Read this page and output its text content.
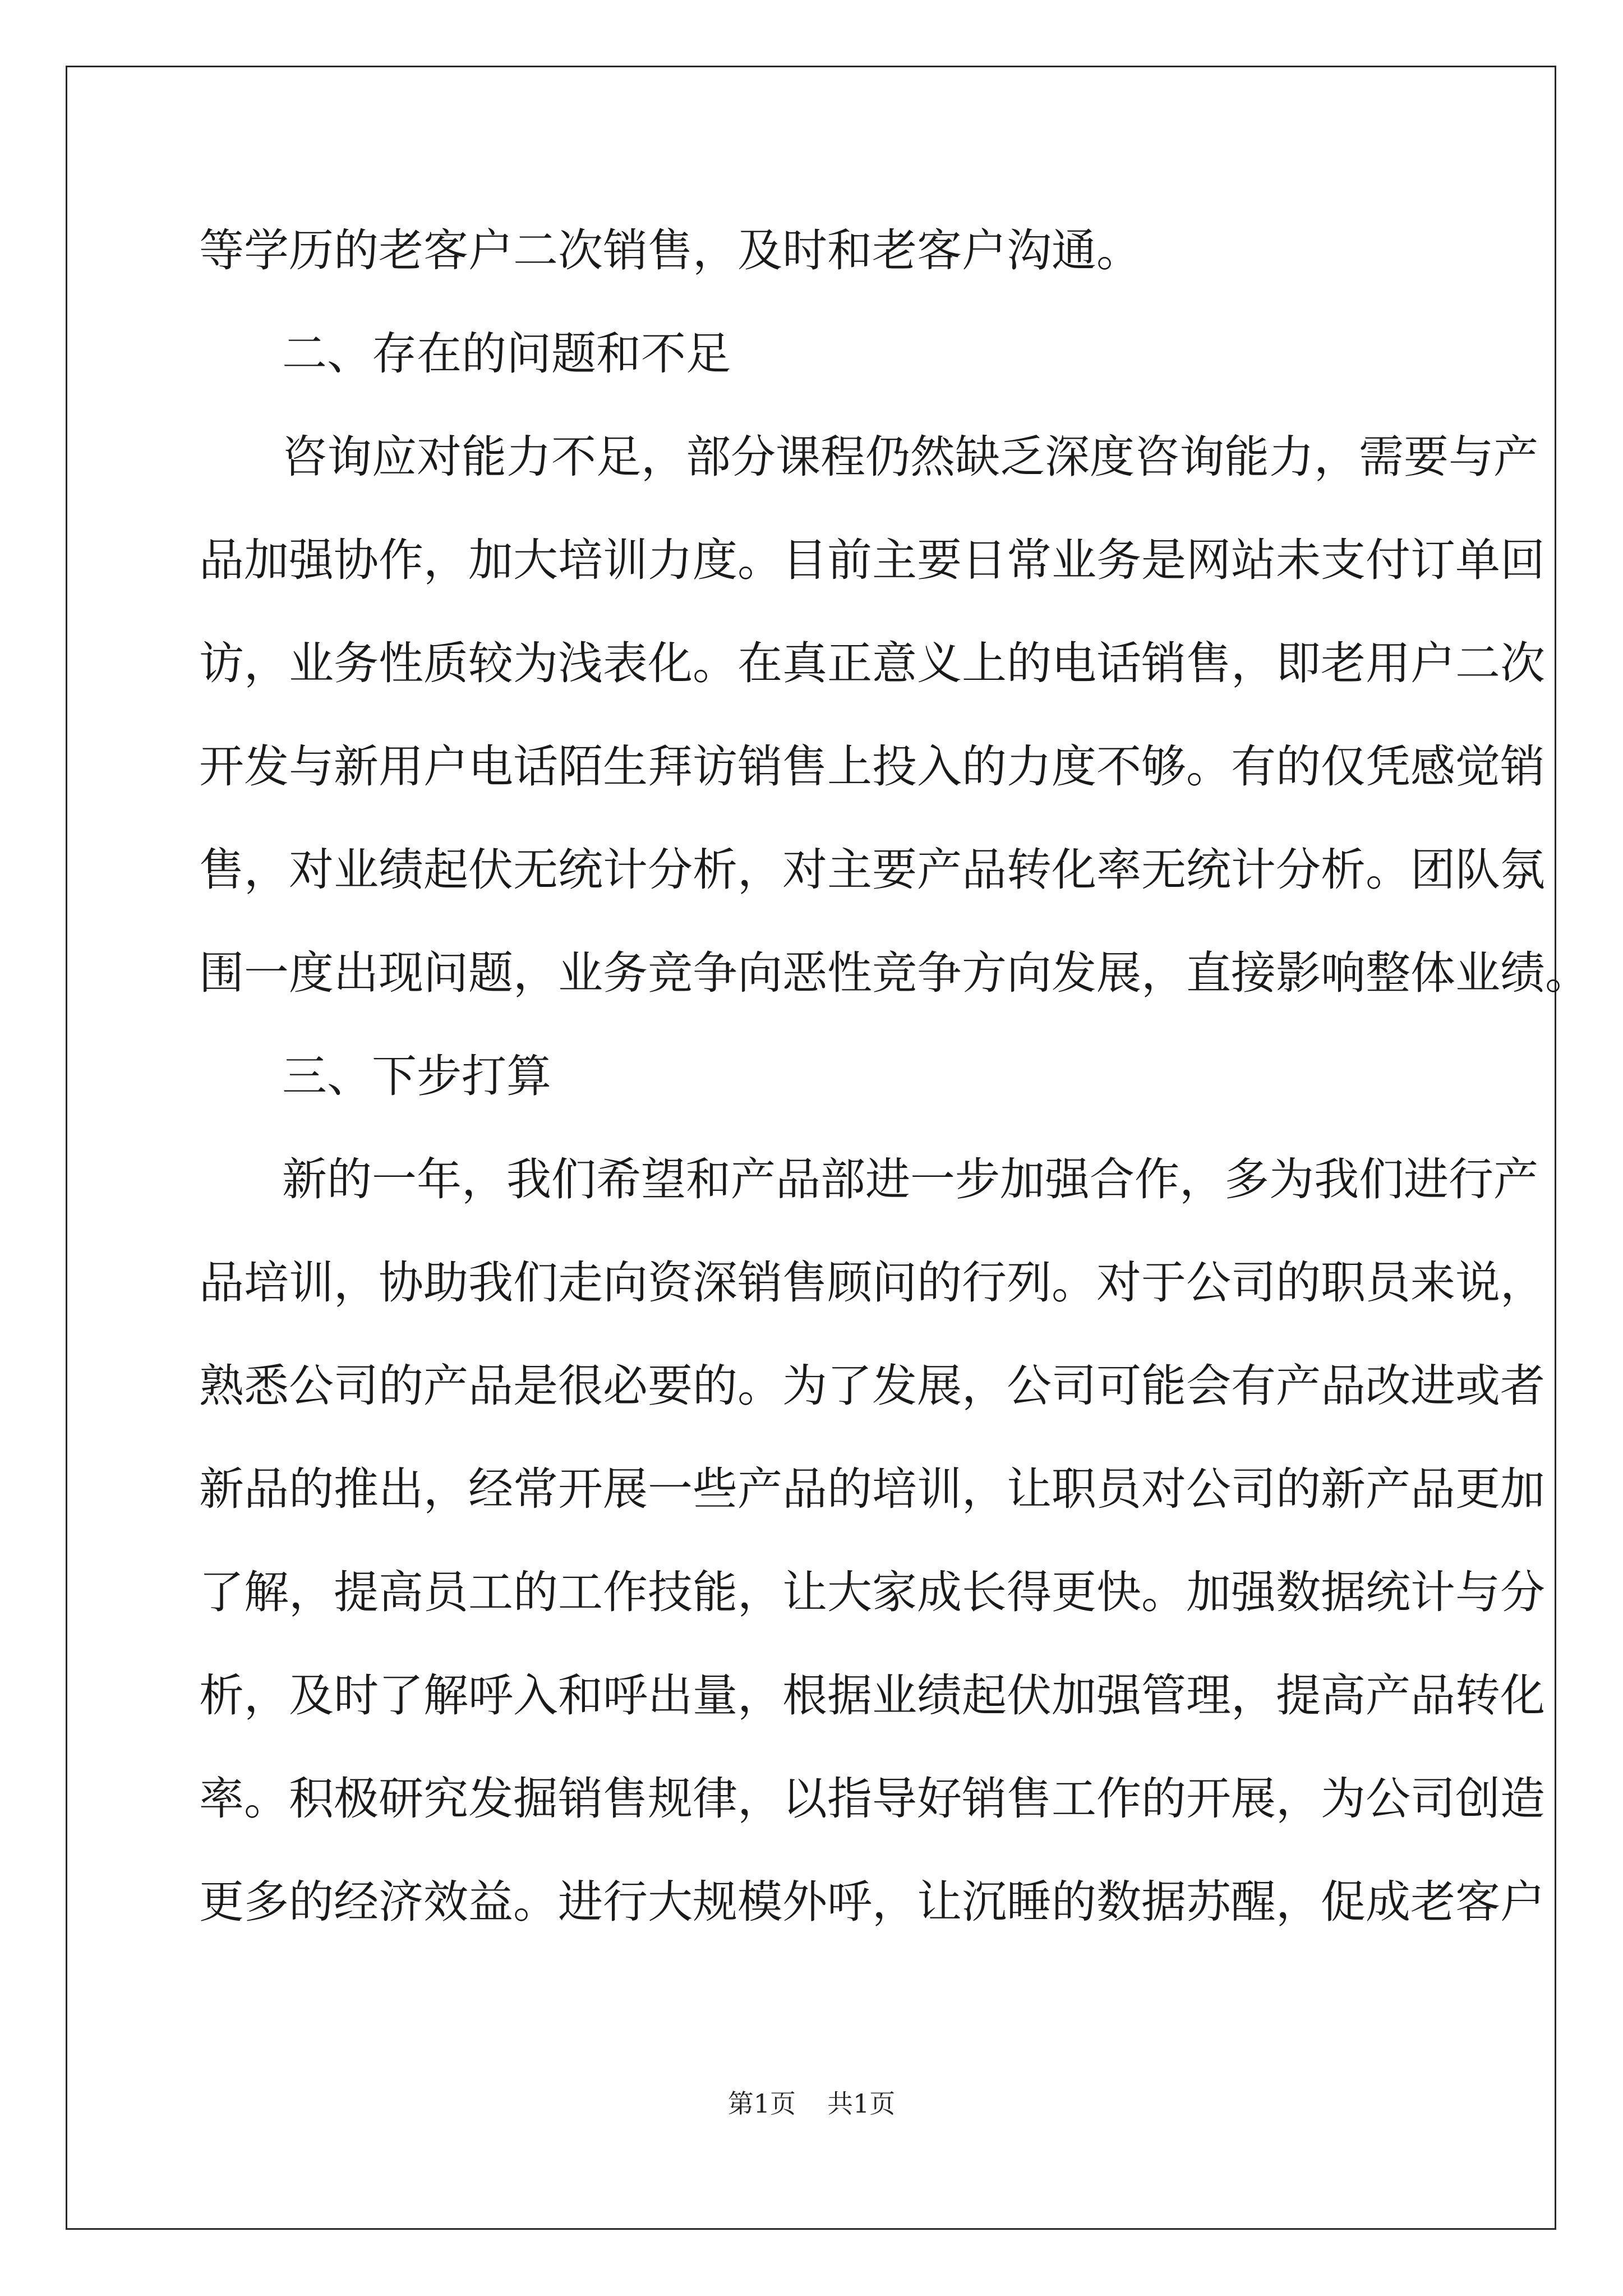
等学历的老客户二次销售，及时和老客户沟通。
二、存在的问题和不足
咨询应对能力不足，部分课程仍然缺乏深度咨询能力，需要与产
品加强协作，加大培训力度。目前主要日常业务是网站未支付订单回
访，业务性质较为浅表化。在真正意义上的电话销售，即老用户二次
开发与新用户电话陌生拜访销售上投入的力度不够。有的仅凭感觉销
售，对业绩起伏无统计分析，对主要产品转化率无统计分析。团队氛
围一度出现问题，业务竞争向恶性竞争方向发展，直接影响整体业绩。
三、下步打算
新的一年，我们希望和产品部进一步加强合作，多为我们进行产
品培训，协助我们走向资深销售顾问的行列。对于公司的职员来说，
熟悉公司的产品是很必要的。为了发展，公司可能会有产品改进或者
新品的推出，经常开展一些产品的培训，让职员对公司的新产品更加
了解，提高员工的工作技能，让大家成长得更快。加强数据统计与分
析，及时了解呼入和呼出量，根据业绩起伏加强管理，提高产品转化
率。积极研究发掘销售规律，以指导好销售工作的开展，为公司创造
更多的经济效益。进行大规模外呼，让沉睡的数据苏醒，促成老客户
第1页 共1页
